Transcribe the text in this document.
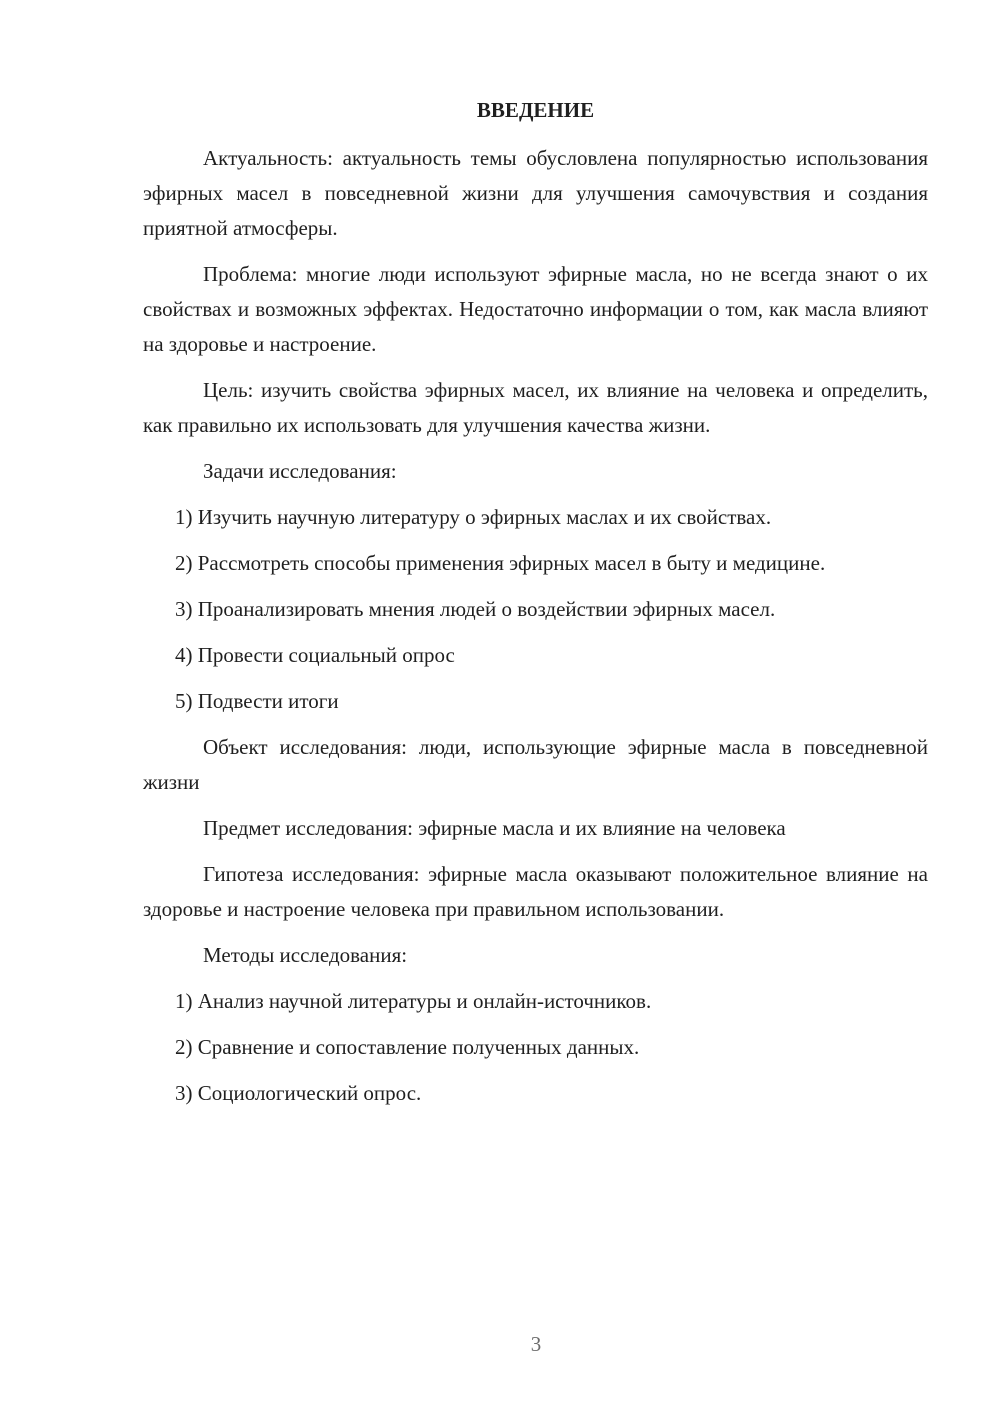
ВВЕДЕНИЕ

Актуальность: актуальность темы обусловлена популярностью использования эфирных масел в повседневной жизни для улучшения самочувствия и создания приятной атмосферы.

Проблема: многие люди используют эфирные масла, но не всегда знают о их свойствах и возможных эффектах. Недостаточно информации о том, как масла влияют на здоровье и настроение.

Цель: изучить свойства эфирных масел, их влияние на человека и определить, как правильно их использовать для улучшения качества жизни.

Задачи исследования:

1) Изучить научную литературу о эфирных маслах и их свойствах.

2) Рассмотреть способы применения эфирных масел в быту и медицине.

3) Проанализировать мнения людей о воздействии эфирных масел.

4) Провести социальный опрос

5) Подвести итоги

Объект исследования: люди, использующие эфирные масла в повседневной жизни

Предмет исследования: эфирные масла и их влияние на человека

Гипотеза исследования: эфирные масла оказывают положительное влияние на здоровье и настроение человека при правильном использовании.

Методы исследования:

1) Анализ научной литературы и онлайн-источников.

2) Сравнение и сопоставление полученных данных.

3) Социологический опрос.

3
